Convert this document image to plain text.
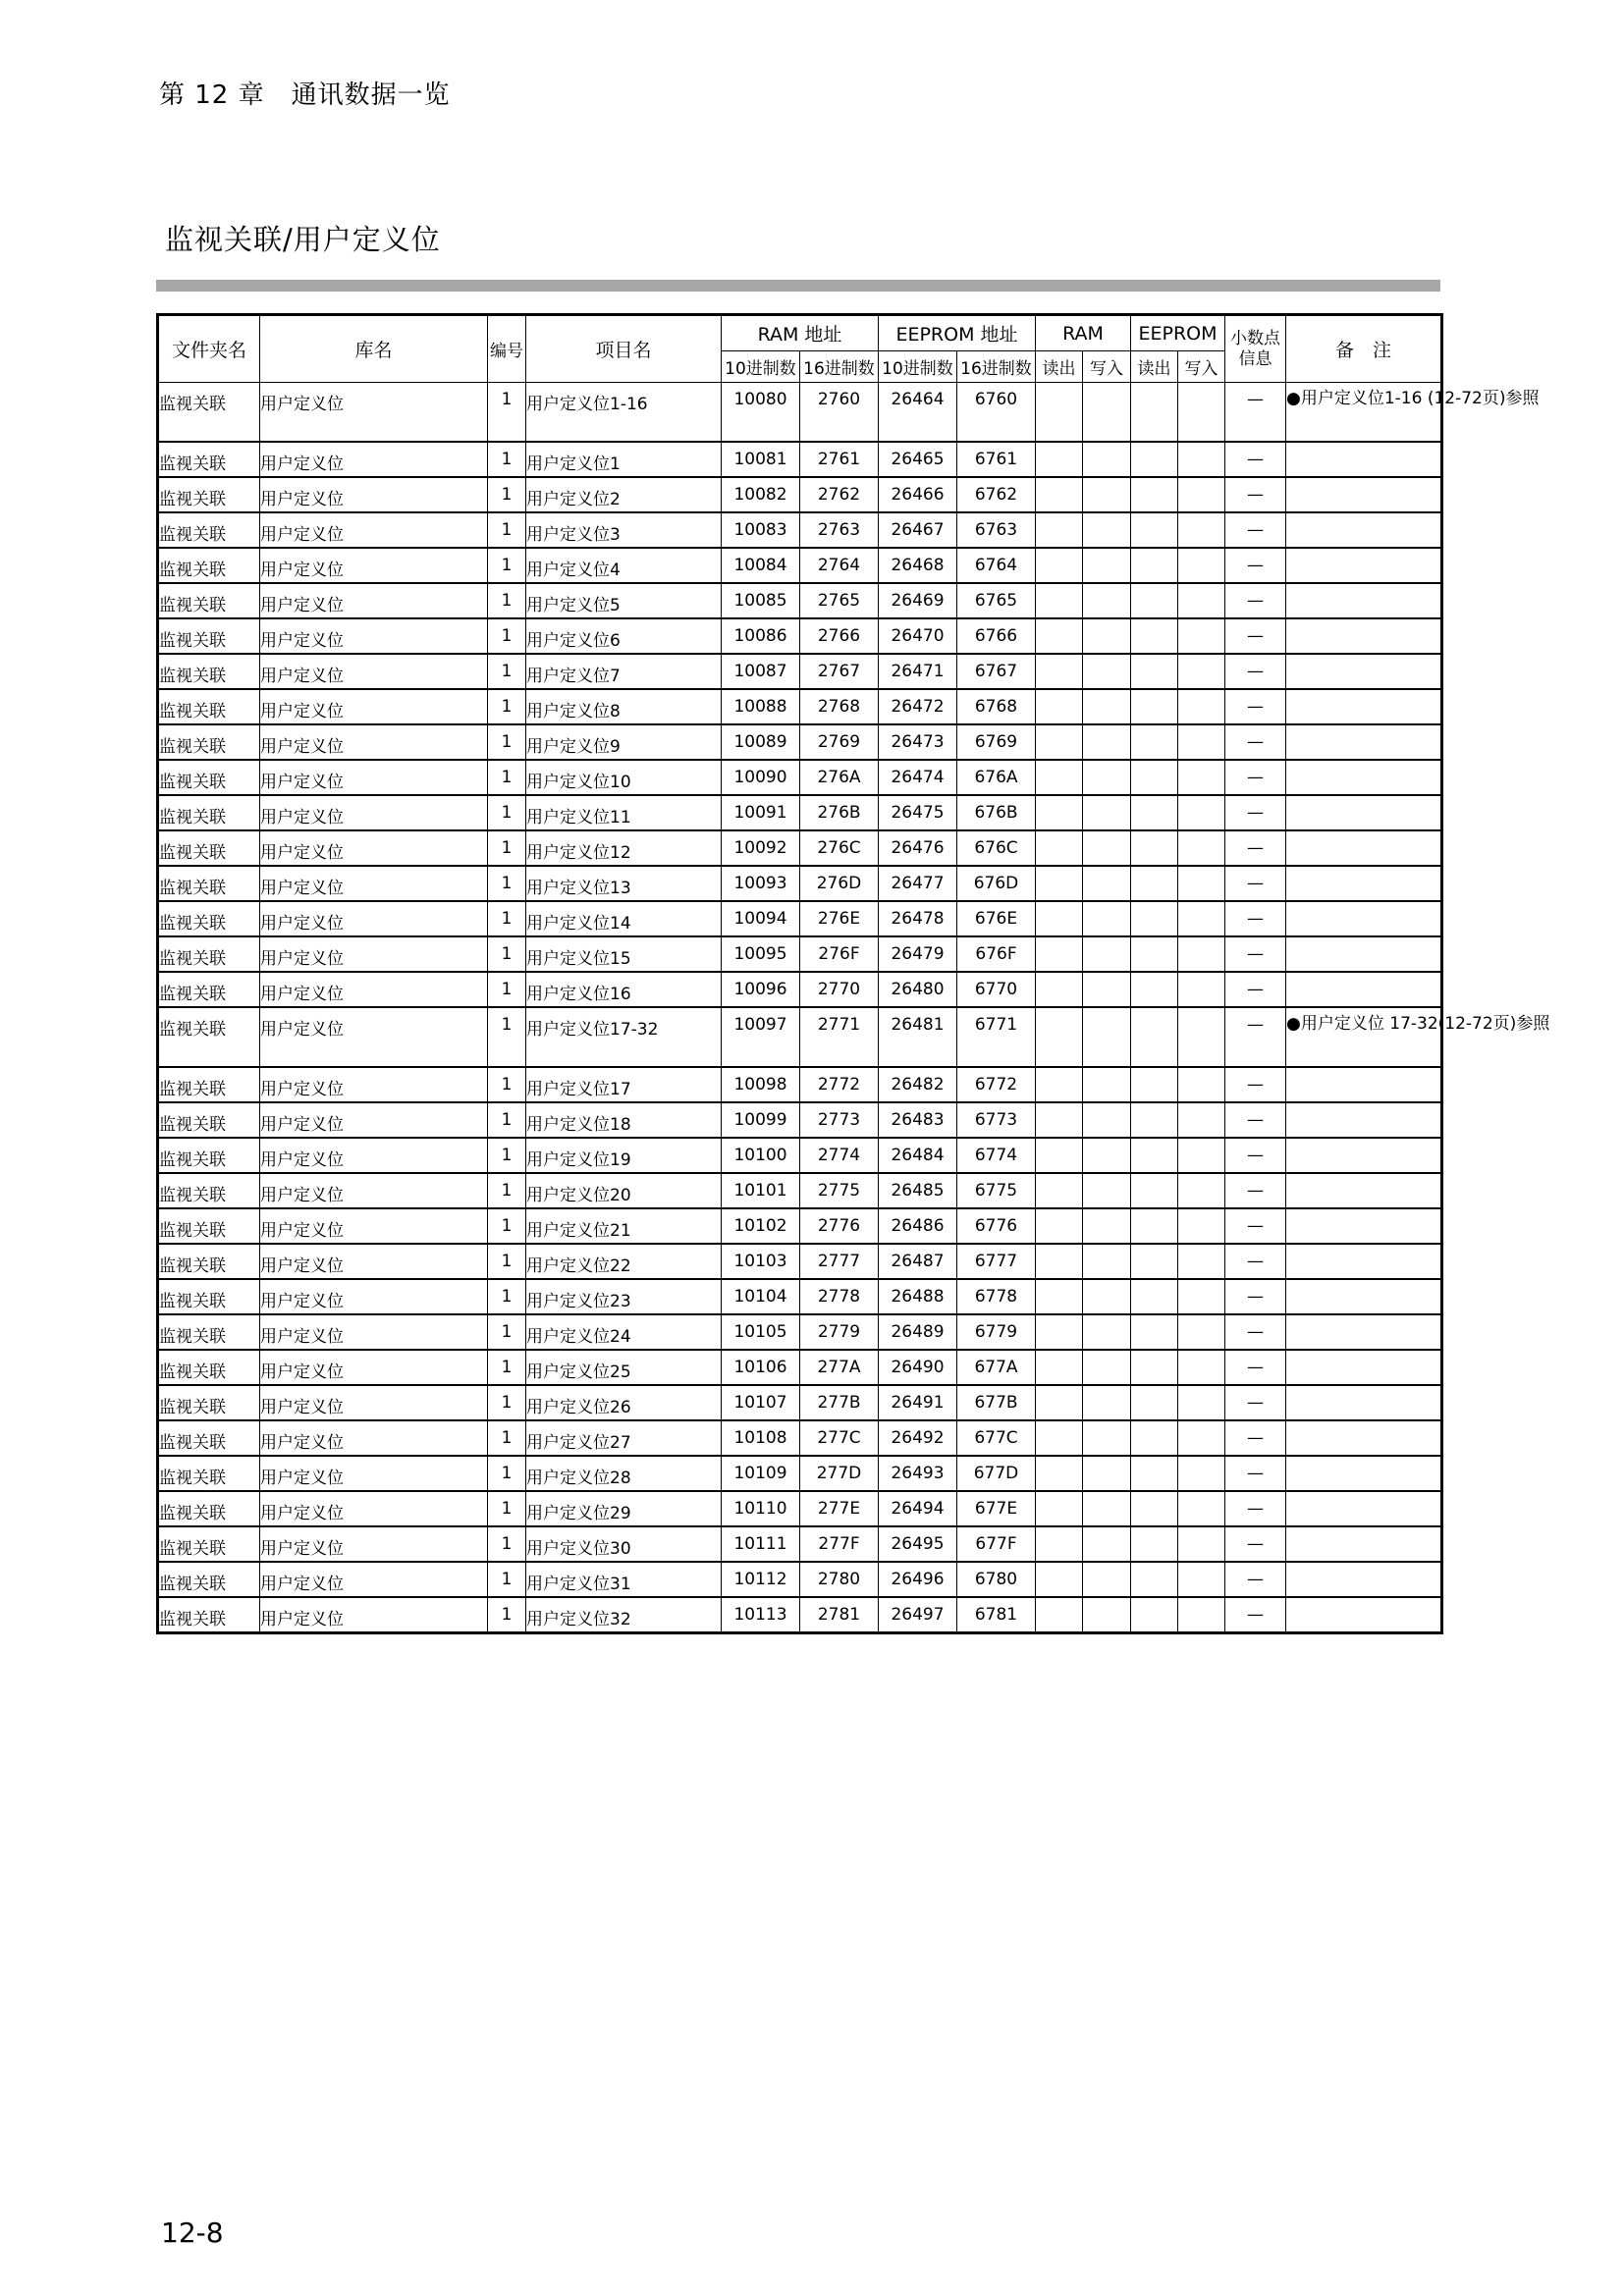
第 12 章　通讯数据一览
监视关联/用户定义位
文件夹名	库名	编号	项目名	RAM 地址		EEPROM 地址		RAM		EEPROM		小数点
信息	备　注
				10进制数	16进制数	10进制数	16进制数	读出	写入	读出	写入		
监视关联	用户定义位	1	用户定义位1-16	10080	2760	26464	6760					—	●用户定义位1-16 (12-72页)参照
监视关联	用户定义位	1	用户定义位1	10081	2761	26465	6761					—	
监视关联	用户定义位	1	用户定义位2	10082	2762	26466	6762					—	
监视关联	用户定义位	1	用户定义位3	10083	2763	26467	6763					—	
监视关联	用户定义位	1	用户定义位4	10084	2764	26468	6764					—	
监视关联	用户定义位	1	用户定义位5	10085	2765	26469	6765					—	
监视关联	用户定义位	1	用户定义位6	10086	2766	26470	6766					—	
监视关联	用户定义位	1	用户定义位7	10087	2767	26471	6767					—	
监视关联	用户定义位	1	用户定义位8	10088	2768	26472	6768					—	
监视关联	用户定义位	1	用户定义位9	10089	2769	26473	6769					—	
监视关联	用户定义位	1	用户定义位10	10090	276A	26474	676A					—	
监视关联	用户定义位	1	用户定义位11	10091	276B	26475	676B					—	
监视关联	用户定义位	1	用户定义位12	10092	276C	26476	676C					—	
监视关联	用户定义位	1	用户定义位13	10093	276D	26477	676D					—	
监视关联	用户定义位	1	用户定义位14	10094	276E	26478	676E					—	
监视关联	用户定义位	1	用户定义位15	10095	276F	26479	676F					—	
监视关联	用户定义位	1	用户定义位16	10096	2770	26480	6770					—	
监视关联	用户定义位	1	用户定义位17-32	10097	2771	26481	6771					—	●用户定义位 17-32(12-72页)参照
监视关联	用户定义位	1	用户定义位17	10098	2772	26482	6772					—	
监视关联	用户定义位	1	用户定义位18	10099	2773	26483	6773					—	
监视关联	用户定义位	1	用户定义位19	10100	2774	26484	6774					—	
监视关联	用户定义位	1	用户定义位20	10101	2775	26485	6775					—	
监视关联	用户定义位	1	用户定义位21	10102	2776	26486	6776					—	
监视关联	用户定义位	1	用户定义位22	10103	2777	26487	6777					—	
监视关联	用户定义位	1	用户定义位23	10104	2778	26488	6778					—	
监视关联	用户定义位	1	用户定义位24	10105	2779	26489	6779					—	
监视关联	用户定义位	1	用户定义位25	10106	277A	26490	677A					—	
监视关联	用户定义位	1	用户定义位26	10107	277B	26491	677B					—	
监视关联	用户定义位	1	用户定义位27	10108	277C	26492	677C					—	
监视关联	用户定义位	1	用户定义位28	10109	277D	26493	677D					—	
监视关联	用户定义位	1	用户定义位29	10110	277E	26494	677E					—	
监视关联	用户定义位	1	用户定义位30	10111	277F	26495	677F					—	
监视关联	用户定义位	1	用户定义位31	10112	2780	26496	6780					—	
监视关联	用户定义位	1	用户定义位32	10113	2781	26497	6781					—	
12-8
